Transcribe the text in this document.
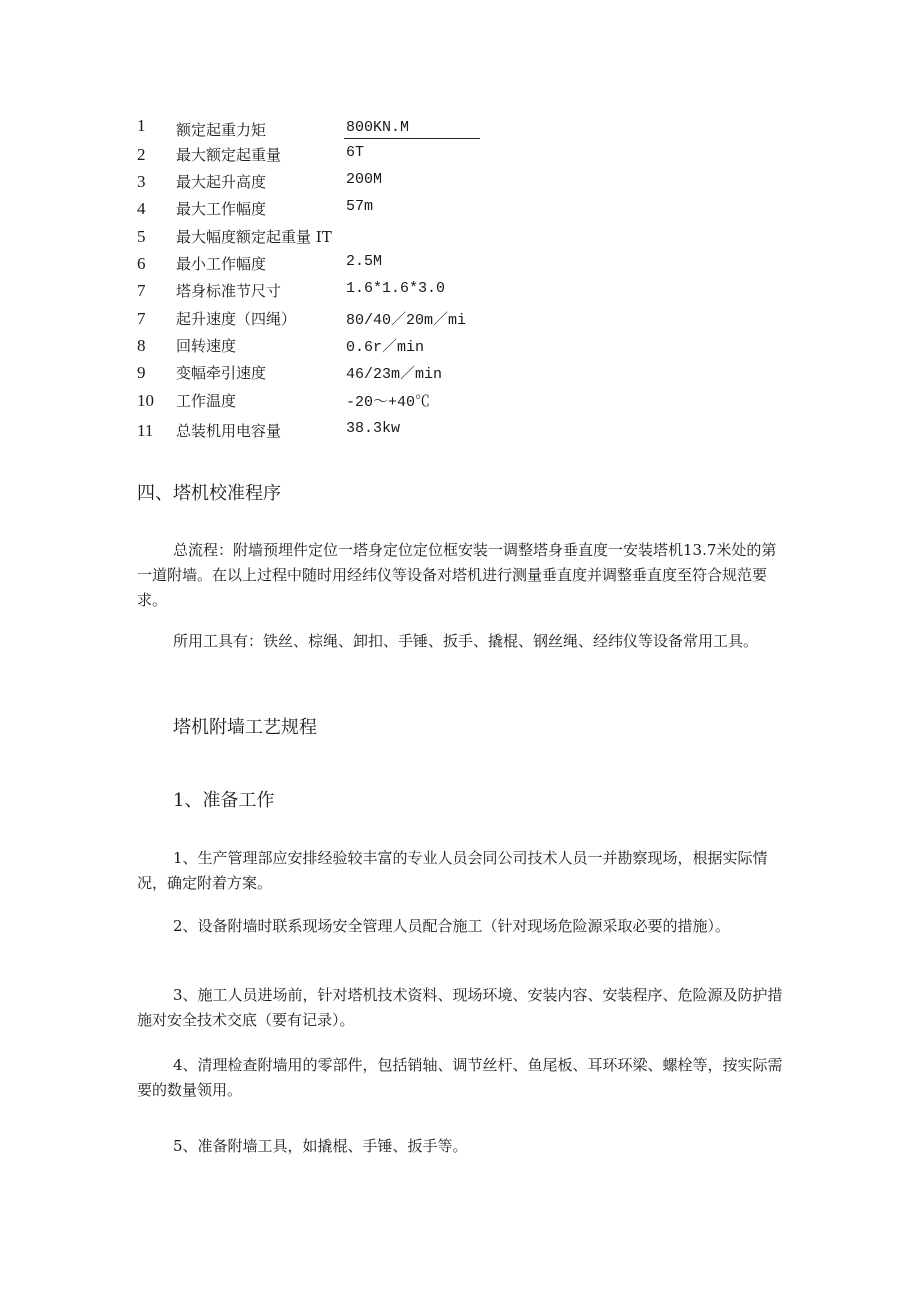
1 额定起重力矩	800KN.M
2 最大额定起重量	6T
3 最大起升高度	200M
4 最大工作幅度	57m
5 最大幅度额定起重量 IT
6 最小工作幅度	2.5M
7 塔身标准节尺寸	1.6*1.6*3.0
7 起升速度（四绳）	80/40／20m／mi
8 回转速度	0.6r／min
9 变幅牵引速度	46/23m／min
10 工作温度	-20～+40℃
11 总装机用电容量	38.3kw
四、塔机校准程序
总流程：附墙预埋件定位一塔身定位定位框安装一调整塔身垂直度一安装塔机13.7米处的第一道附墙。在以上过程中随时用经纬仪等设备对塔机进行测量垂直度并调整垂直度至符合规范要求。
所用工具有：铁丝、棕绳、卸扣、手锤、扳手、撬棍、钢丝绳、经纬仪等设备常用工具。
塔机附墙工艺规程
1、准备工作
1、生产管理部应安排经验较丰富的专业人员会同公司技术人员一并勘察现场，根据实际情况，确定附着方案。
2、设备附墙时联系现场安全管理人员配合施工（针对现场危险源采取必要的措施）。
3、施工人员进场前，针对塔机技术资料、现场环境、安装内容、安装程序、危险源及防护措施对安全技术交底（要有记录）。
4、清理检查附墙用的零部件，包括销轴、调节丝杆、鱼尾板、耳环环梁、螺栓等，按实际需要的数量领用。
5、准备附墙工具，如撬棍、手锤、扳手等。
